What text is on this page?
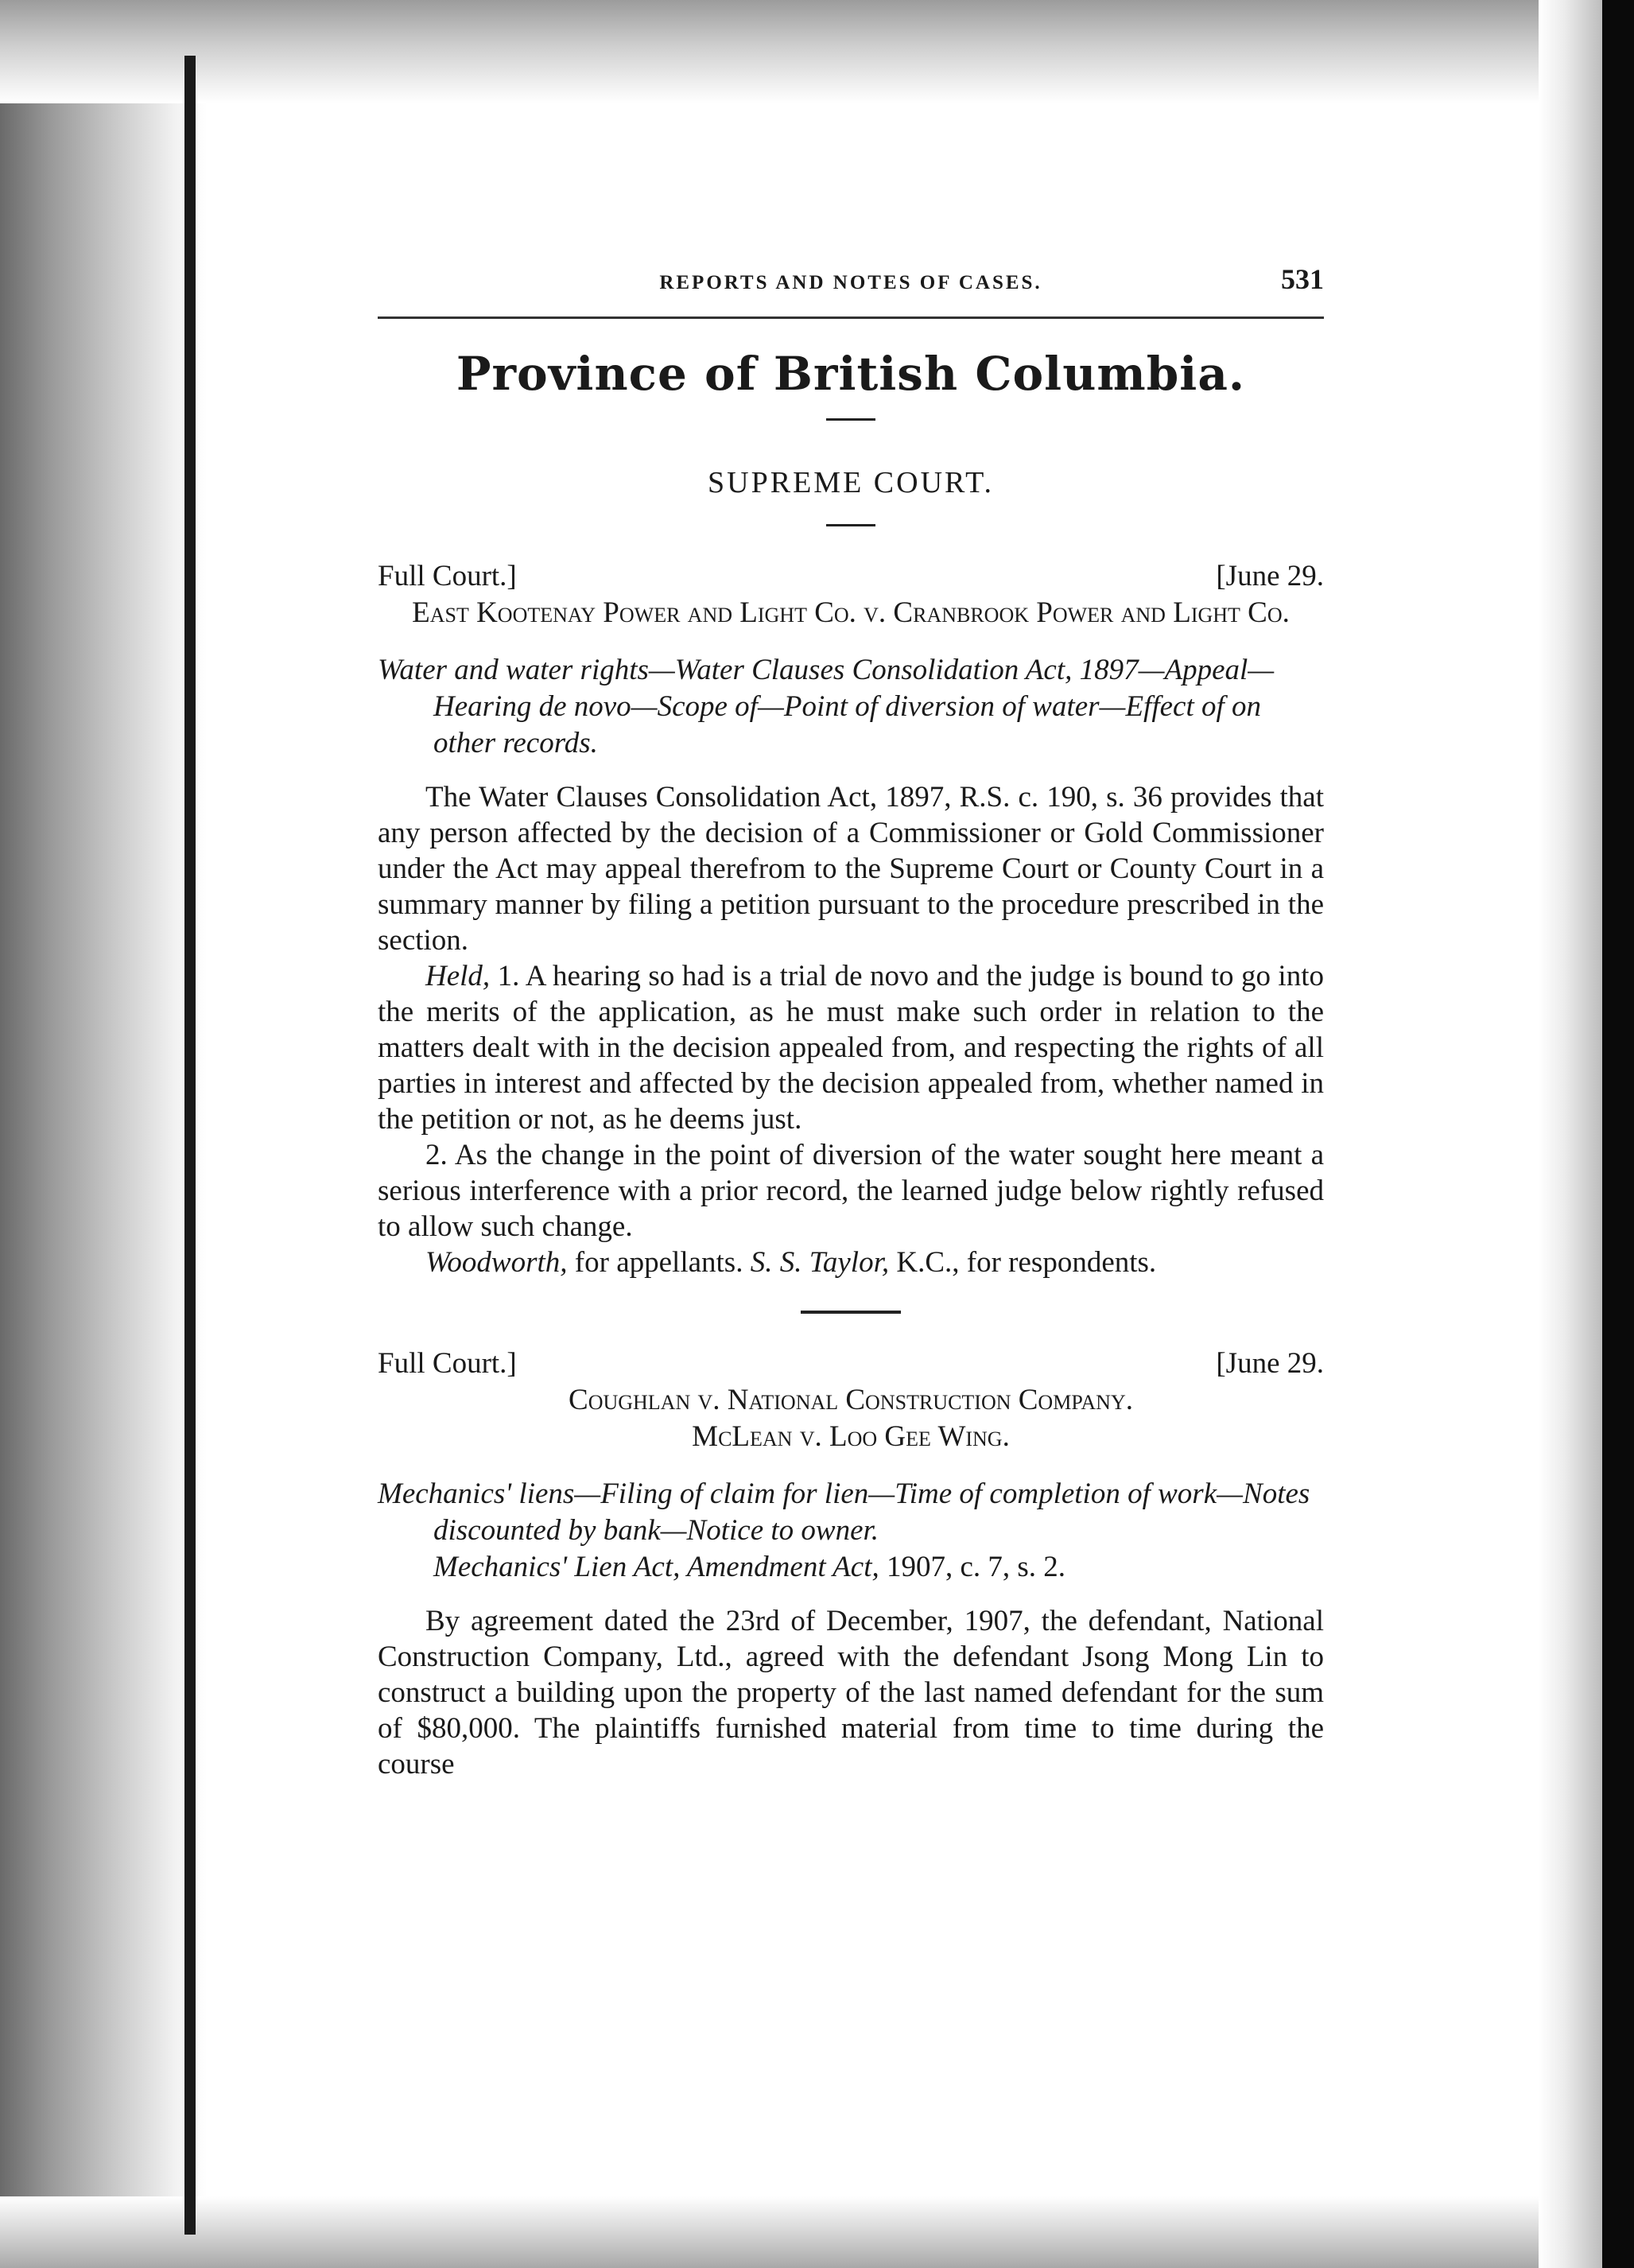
REPORTS AND NOTES OF CASES.	531
Province of British Columbia.
SUPREME COURT.
Full Court.]	[June 29.
East Kootenay Power and Light Co. v. Cranbrook Power and Light Co.
Water and water rights—Water Clauses Consolidation Act, 1897—Appeal—Hearing de novo—Scope of—Point of diversion of water—Effect of on other records.

The Water Clauses Consolidation Act, 1897, R.S. c. 190, s. 36 provides that any person affected by the decision of a Commissioner or Gold Commissioner under the Act may appeal therefrom to the Supreme Court or County Court in a summary manner by filing a petition pursuant to the procedure prescribed in the section.

Held, 1. A hearing so had is a trial de novo and the judge is bound to go into the merits of the application, as he must make such order in relation to the matters dealt with in the decision appealed from, and respecting the rights of all parties in interest and affected by the decision appealed from, whether named in the petition or not, as he deems just.

2. As the change in the point of diversion of the water sought here meant a serious interference with a prior record, the learned judge below rightly refused to allow such change.

Woodworth, for appellants. S. S. Taylor, K.C., for respondents.

Full Court.]	[June 29.
Coughlan v. National Construction Company.
McLean v. Loo Gee Wing.
Mechanics' liens—Filing of claim for lien—Time of completion of work—Notes discounted by bank—Notice to owner.
Mechanics' Lien Act, Amendment Act, 1907, c. 7, s. 2.

By agreement dated the 23rd of December, 1907, the defendant, National Construction Company, Ltd., agreed with the defendant Jsong Mong Lin to construct a building upon the property of the last named defendant for the sum of $80,000. The plaintiffs furnished material from time to time during the course
